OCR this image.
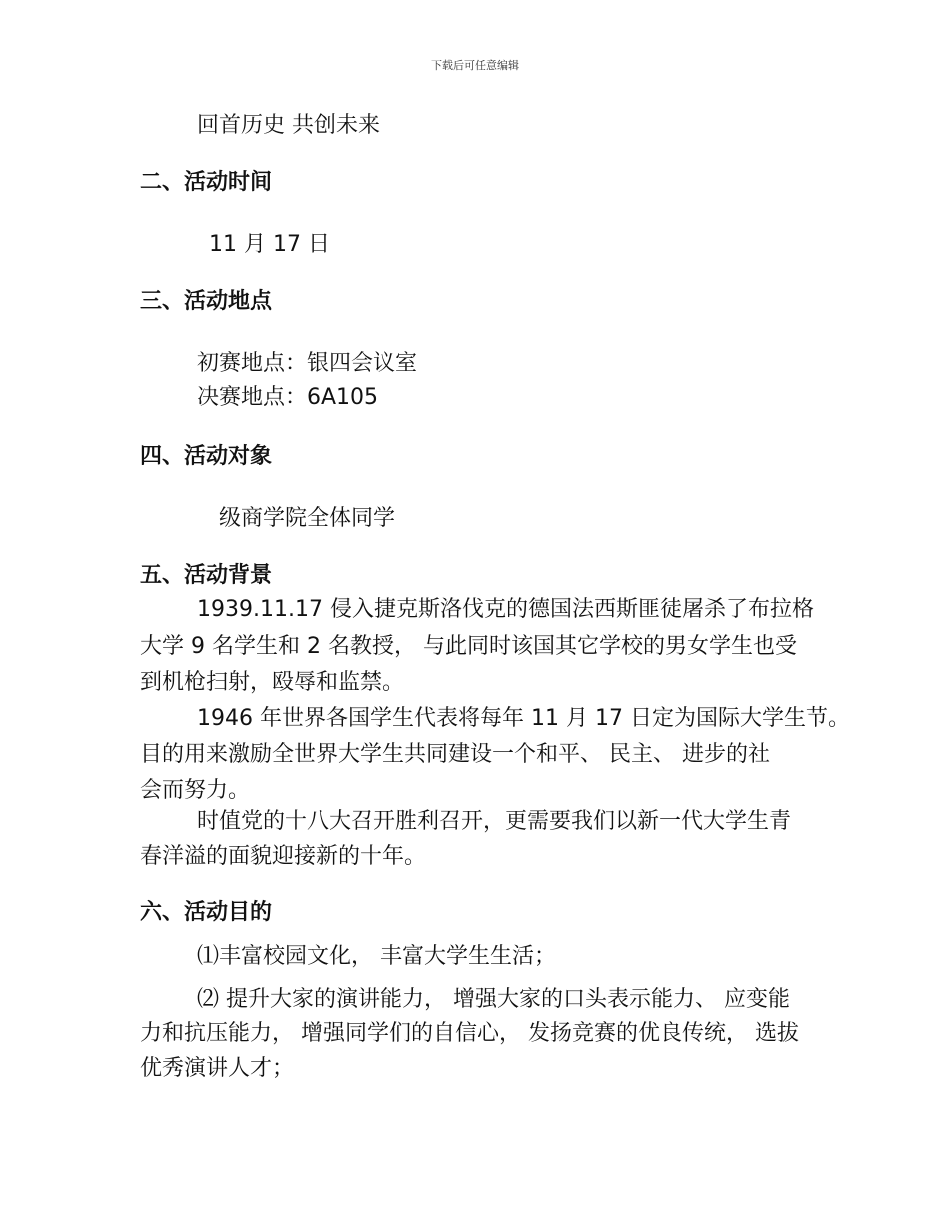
下载后可任意编辑
回首历史 共创未来
二、活动时间
11 月 17 日
三、活动地点
初赛地点：银四会议室
决赛地点：6A105
四、活动对象
级商学院全体同学
五、活动背景
1939.11.17 侵入捷克斯洛伐克的德国法西斯匪徒屠杀了布拉格
大学 9 名学生和 2 名教授， 与此同时该国其它学校的男女学生也受
到机枪扫射，殴辱和监禁。
1946 年世界各国学生代表将每年 11 月 17 日定为国际大学生节。
目的用来激励全世界大学生共同建设一个和平、 民主、 进步的社
会而努力。
时值党的十八大召开胜利召开，更需要我们以新一代大学生青
春洋溢的面貌迎接新的十年。
六、活动目的
⑴丰富校园文化， 丰富大学生生活；
⑵ 提升大家的演讲能力， 增强大家的口头表示能力、 应变能
力和抗压能力， 增强同学们的自信心， 发扬竞赛的优良传统， 选拔
优秀演讲人才；
